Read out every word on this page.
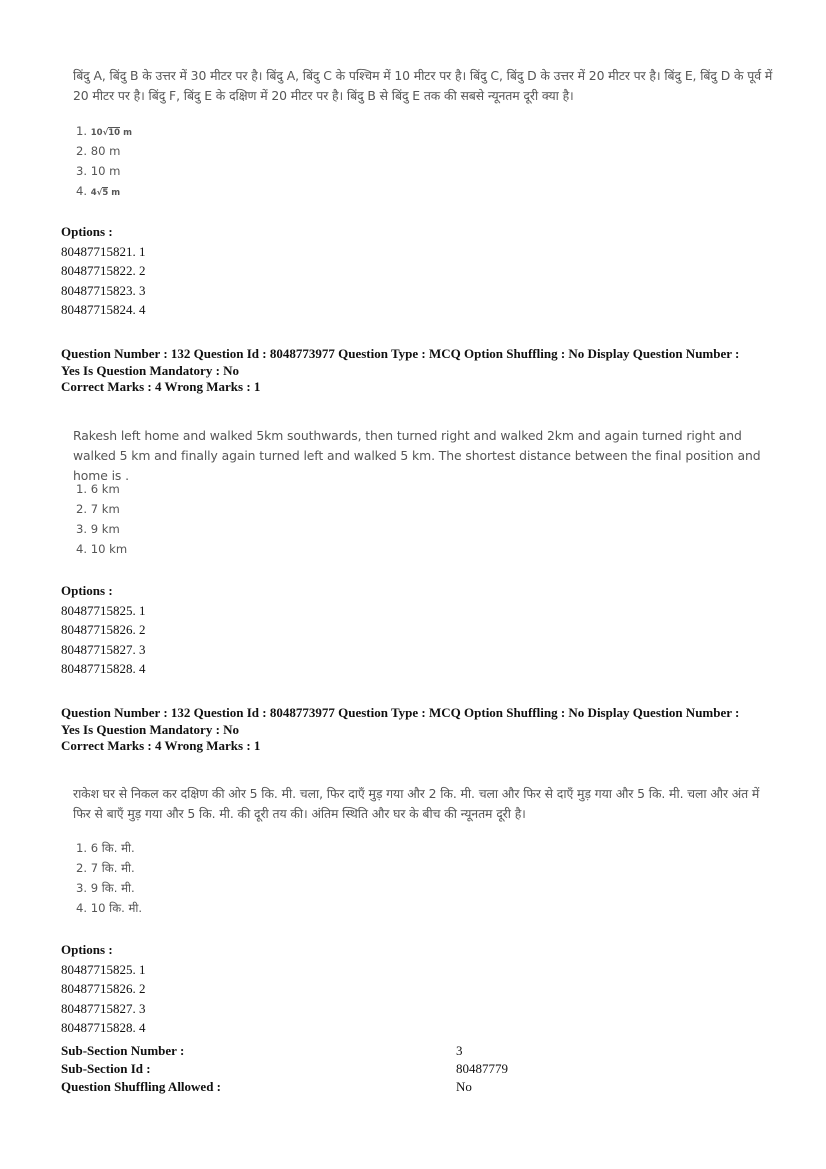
बिंदु A, बिंदु B के उत्तर में 30 मीटर पर है। बिंदु A, बिंदु C के पश्चिम में 10 मीटर पर है। बिंदु C, बिंदु D के उत्तर में 20 मीटर पर है। बिंदु E, बिंदु D के पूर्व में 20 मीटर पर है। बिंदु F, बिंदु E के दक्षिण में 20 मीटर पर है। बिंदु B से बिंदु E तक की सबसे न्यूनतम दूरी क्या है।
1. 10√10 m
2. 80 m
3. 10 m
4. 4√5 m
Options :
80487715821. 1
80487715822. 2
80487715823. 3
80487715824. 4
Question Number : 132 Question Id : 8048773977 Question Type : MCQ Option Shuffling : No Display Question Number :
Yes Is Question Mandatory : No
Correct Marks : 4 Wrong Marks : 1
Rakesh left home and walked 5km southwards, then turned right and walked 2km and again turned right and walked 5 km and finally again turned left and walked 5 km. The shortest distance between the final position and home is .
1. 6 km
2. 7 km
3. 9 km
4. 10 km
Options :
80487715825. 1
80487715826. 2
80487715827. 3
80487715828. 4
Question Number : 132 Question Id : 8048773977 Question Type : MCQ Option Shuffling : No Display Question Number :
Yes Is Question Mandatory : No
Correct Marks : 4 Wrong Marks : 1
राकेश घर से निकल कर दक्षिण की ओर 5 कि. मी. चला, फिर दाएँ मुड़ गया और 2 कि. मी. चला और फिर से दाएँ मुड़ गया और 5 कि. मी. चला और अंत में फिर से बाएँ मुड़ गया और 5 कि. मी. की दूरी तय की। अंतिम स्थिति और घर के बीच की न्यूनतम दूरी है।
1. 6 कि. मी.
2. 7 कि. मी.
3. 9 कि. मी.
4. 10 कि. मी.
Options :
80487715825. 1
80487715826. 2
80487715827. 3
80487715828. 4
Sub-Section Number :	3
Sub-Section Id :	80487779
Question Shuffling Allowed :	No
